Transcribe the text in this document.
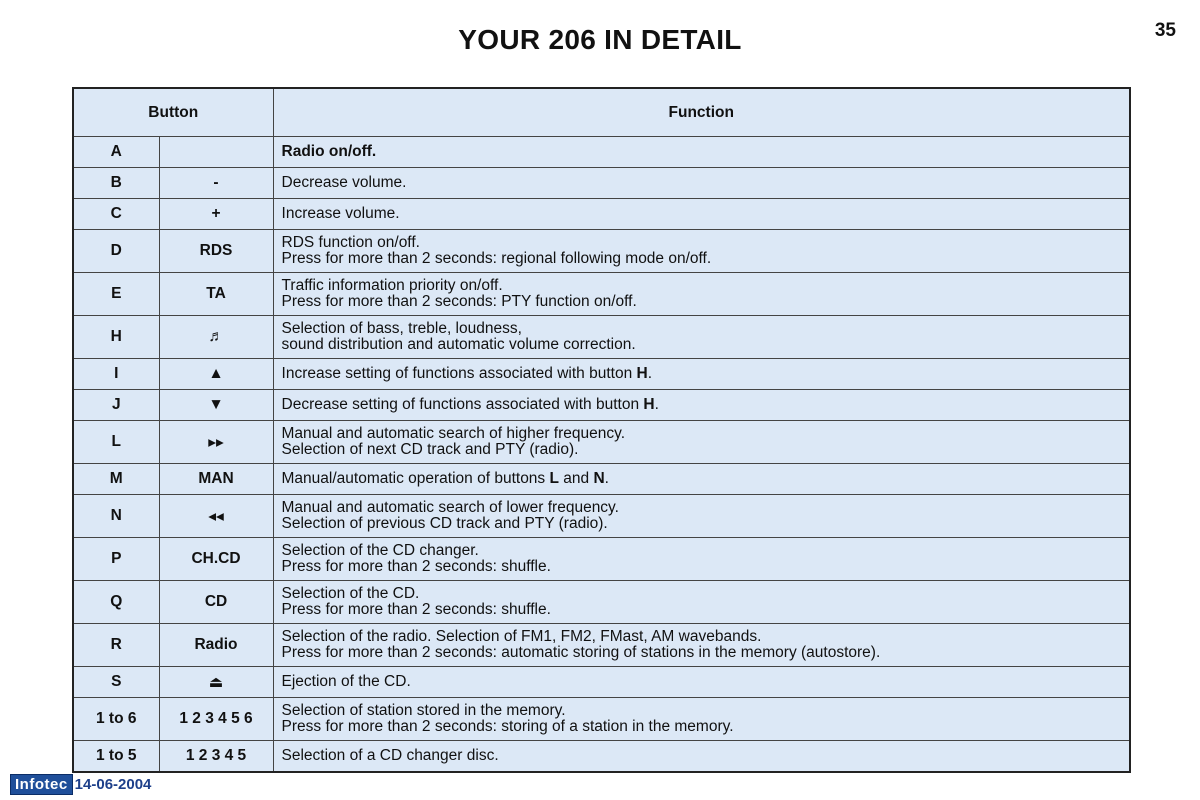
YOUR 206 IN DETAIL	35
Button		Function
A		Radio on/off.

B	-	Decrease volume.

C	+	Increase volume.

D	RDS	RDS function on/off.
Press for more than 2 seconds: regional following mode on/off.

E	TA	Traffic information priority on/off.
Press for more than 2 seconds: PTY function on/off.

H	♬	Selection of bass, treble, loudness,
sound distribution and automatic volume correction.

I	▲	Increase setting of functions associated with button H.

J	▼	Decrease setting of functions associated with button H.

L	▸▸	Manual and automatic search of higher frequency.
Selection of next CD track and PTY (radio).

M	MAN	Manual/automatic operation of buttons L and N.

N	◂◂	Manual and automatic search of lower frequency.
Selection of previous CD track and PTY (radio).

P	CH.CD	Selection of the CD changer.
Press for more than 2 seconds: shuffle.

Q	CD	Selection of the CD.
Press for more than 2 seconds: shuffle.

R	Radio	Selection of the radio. Selection of FM1, FM2, FMast, AM wavebands.
Press for more than 2 seconds: automatic storing of stations in the memory (autostore).

S	⏏	Ejection of the CD.

1 to 6	1 2 3 4 5 6	Selection of station stored in the memory.
Press for more than 2 seconds: storing of a station in the memory.

1 to 5	1 2 3 4 5	Selection of a CD changer disc.
Infotec 14-06-2004
